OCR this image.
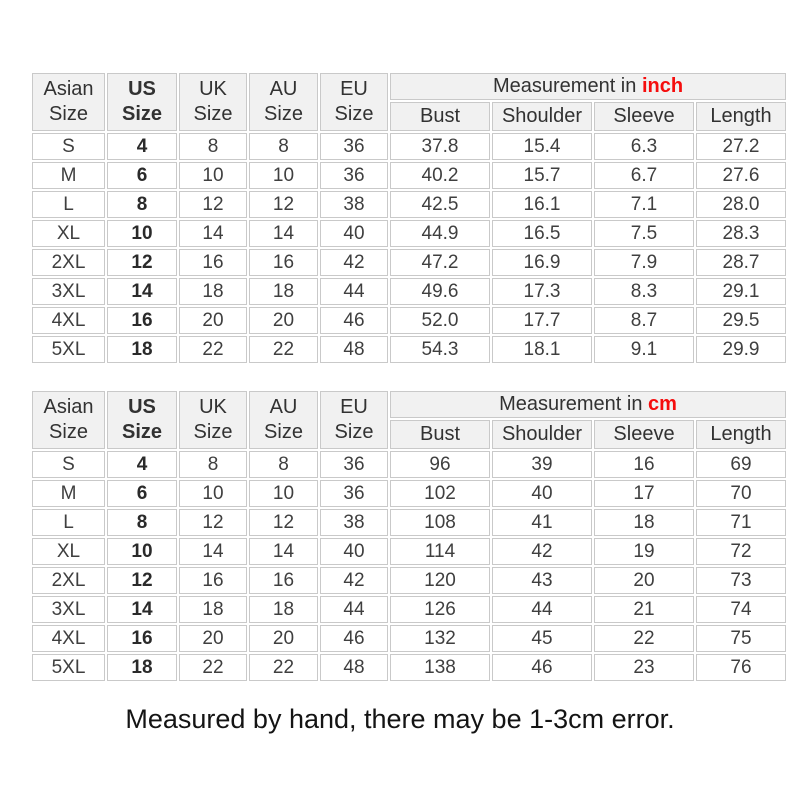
Asian Size	US Size	UK Size	AU Size	EU Size	Measurement in inch			
					Bust	Shoulder	Sleeve	Length
S	4	8	8	36	37.8	15.4	6.3	27.2
M	6	10	10	36	40.2	15.7	6.7	27.6
L	8	12	12	38	42.5	16.1	7.1	28.0
XL	10	14	14	40	44.9	16.5	7.5	28.3
2XL	12	16	16	42	47.2	16.9	7.9	28.7
3XL	14	18	18	44	49.6	17.3	8.3	29.1
4XL	16	20	20	46	52.0	17.7	8.7	29.5
5XL	18	22	22	48	54.3	18.1	9.1	29.9
Asian Size	US Size	UK Size	AU Size	EU Size	Measurement in cm			
					Bust	Shoulder	Sleeve	Length
S	4	8	8	36	96	39	16	69
M	6	10	10	36	102	40	17	70
L	8	12	12	38	108	41	18	71
XL	10	14	14	40	114	42	19	72
2XL	12	16	16	42	120	43	20	73
3XL	14	18	18	44	126	44	21	74
4XL	16	20	20	46	132	45	22	75
5XL	18	22	22	48	138	46	23	76
Measured by hand, there may be 1-3cm error.
